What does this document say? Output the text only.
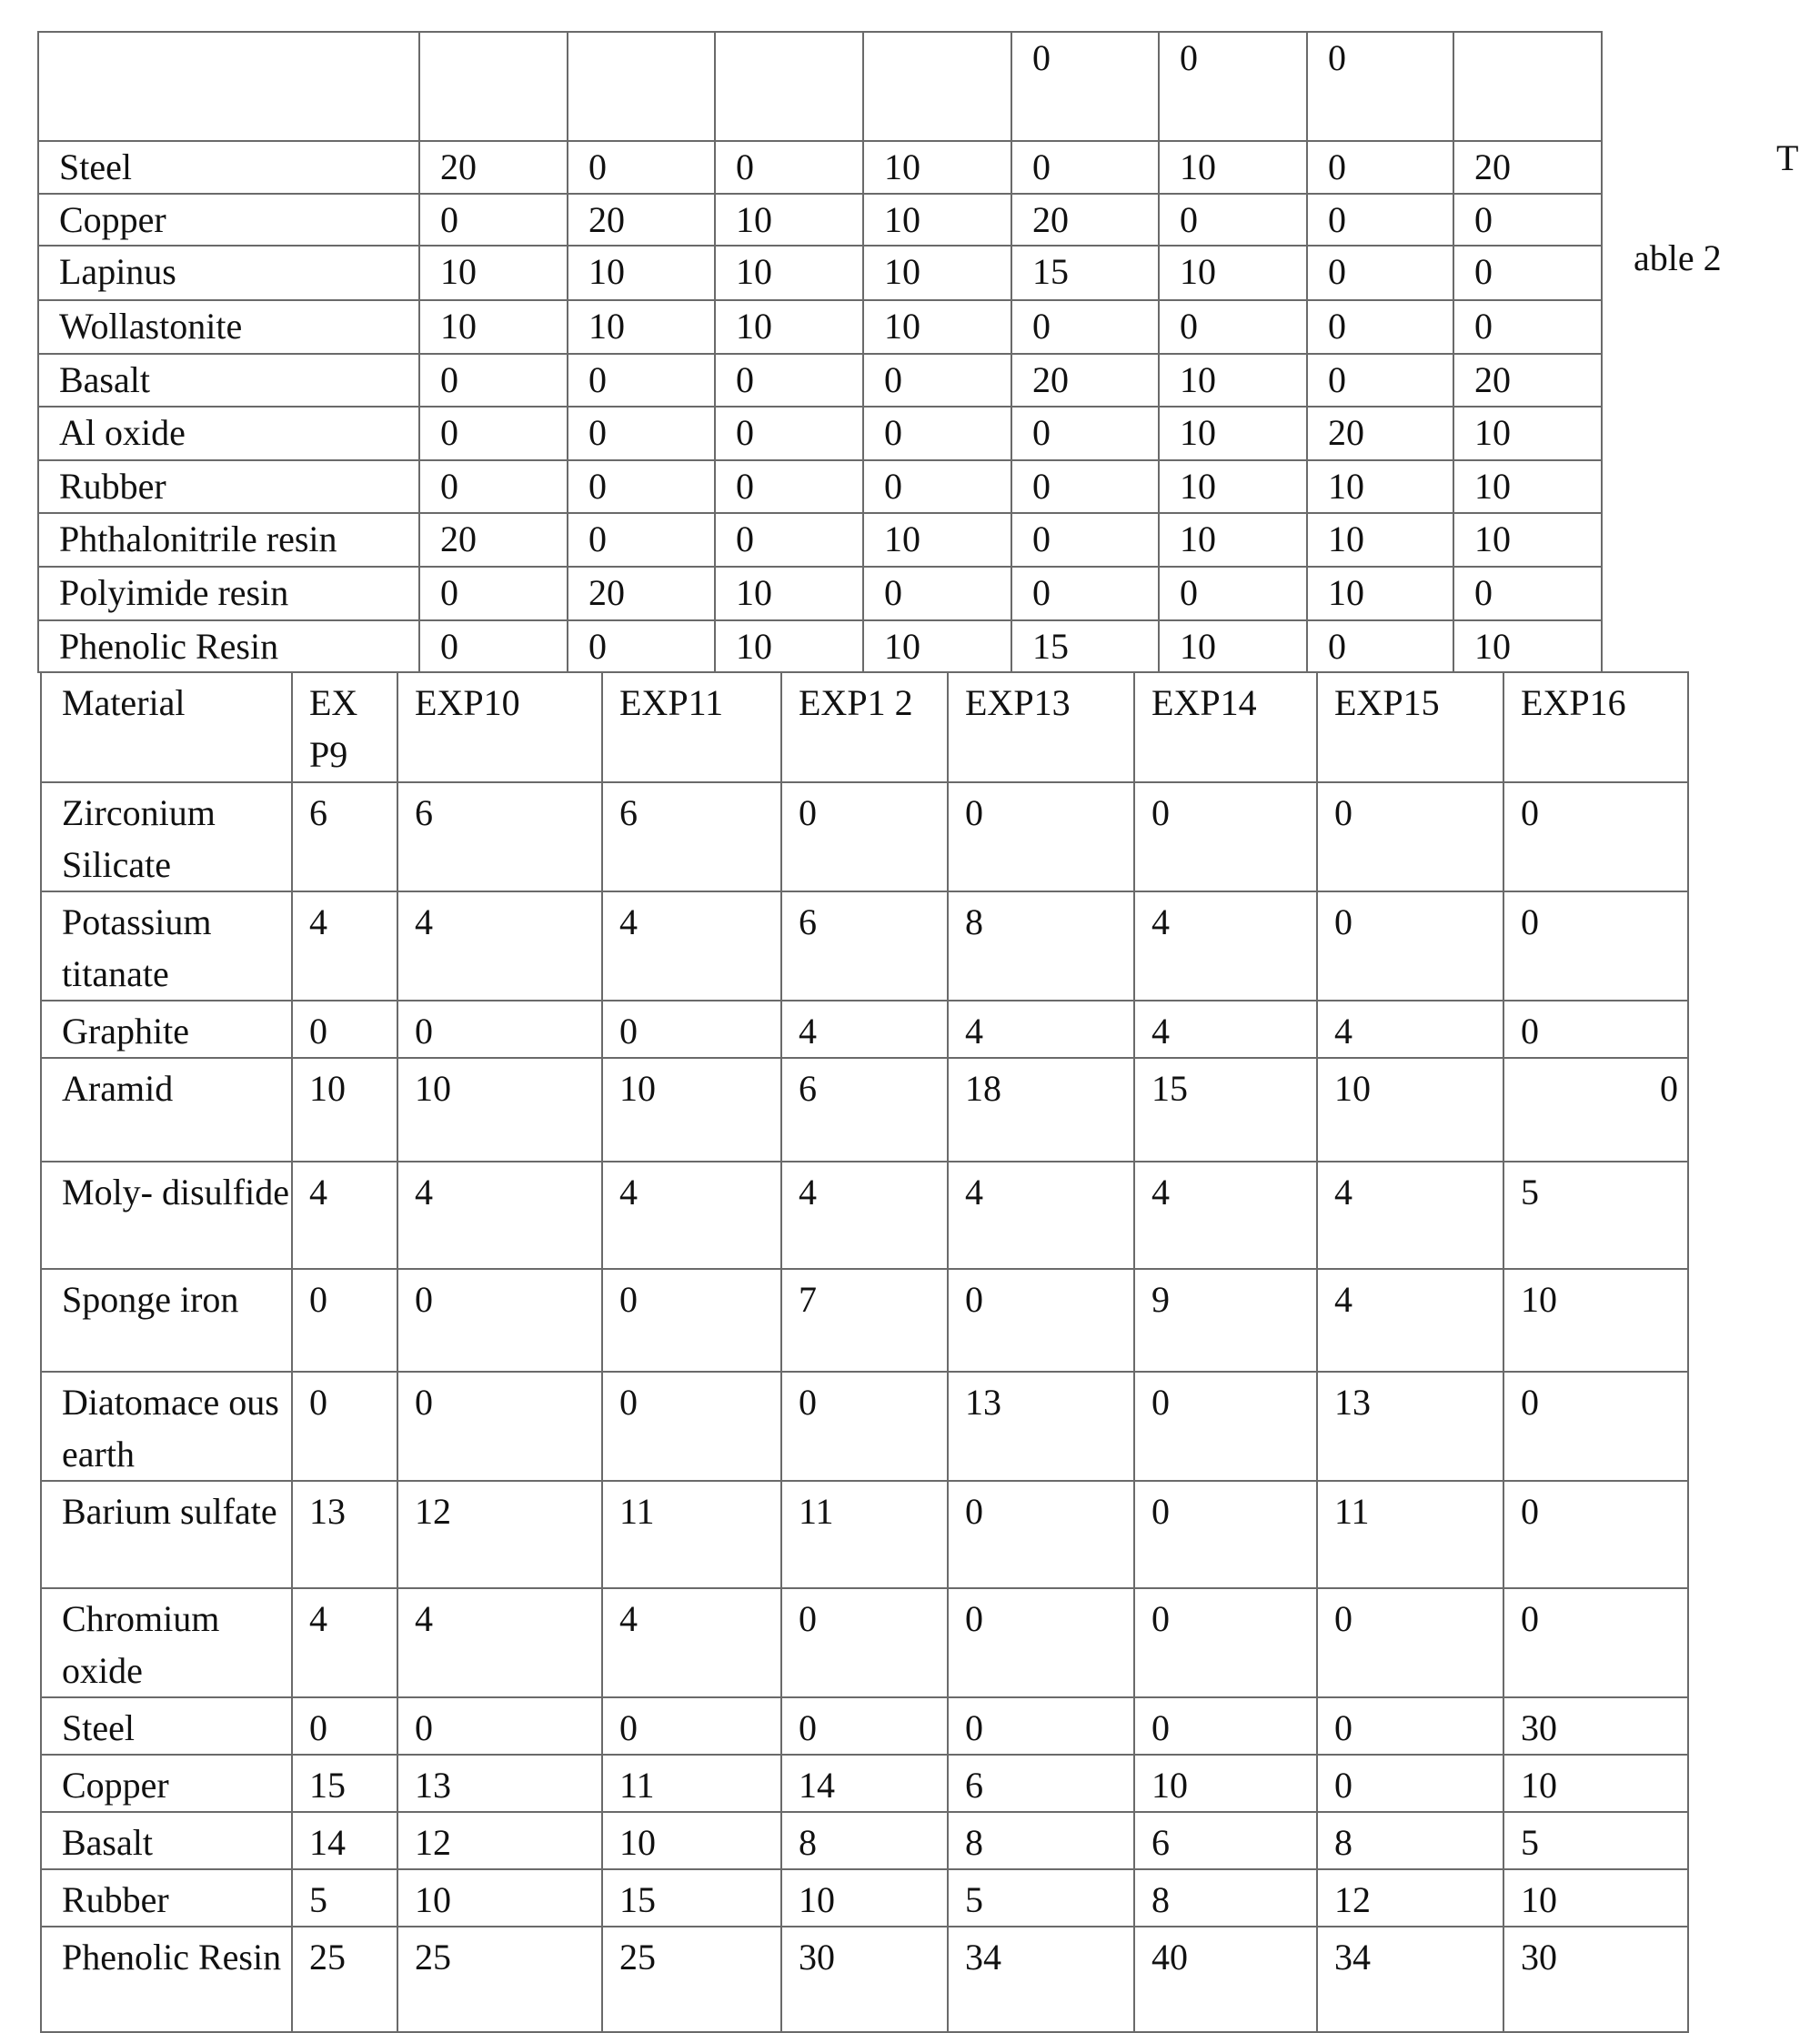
					0	0	0	
Steel	20	0	0	10	0	10	0	20
Copper	0	20	10	10	20	0	0	0
Lapinus	10	10	10	10	15	10	0	0
Wollastonite	10	10	10	10	0	0	0	0
Basalt	0	0	0	0	20	10	0	20
Al oxide	0	0	0	0	0	10	20	10
Rubber	0	0	0	0	0	10	10	10
Phthalonitrile resin	20	0	0	10	0	10	10	10
Polyimide resin	0	20	10	0	0	0	10	0
Phenolic Resin	0	0	10	10	15	10	0	10
Material	EX P9	EXP10	EXP11	EXP1 2	EXP13	EXP14	EXP15	EXP16
Zirconium Silicate	6	6	6	0	0	0	0	0
Potassium titanate	4	4	4	6	8	4	0	0
Graphite	0	0	0	4	4	4	4	0
Aramid	10	10	10	6	18	15	10	0
Moly- disulfide	4	4	4	4	4	4	4	5
Sponge iron	0	0	0	7	0	9	4	10
Diatomace ous earth	0	0	0	0	13	0	13	0
Barium sulfate	13	12	11	11	0	0	11	0
Chromium oxide	4	4	4	0	0	0	0	0
Steel	0	0	0	0	0	0	0	30
Copper	15	13	11	14	6	10	0	10
Basalt	14	12	10	8	8	6	8	5
Rubber	5	10	15	10	5	8	12	10
Phenolic Resin	25	25	25	30	34	40	34	30
T
able 2
